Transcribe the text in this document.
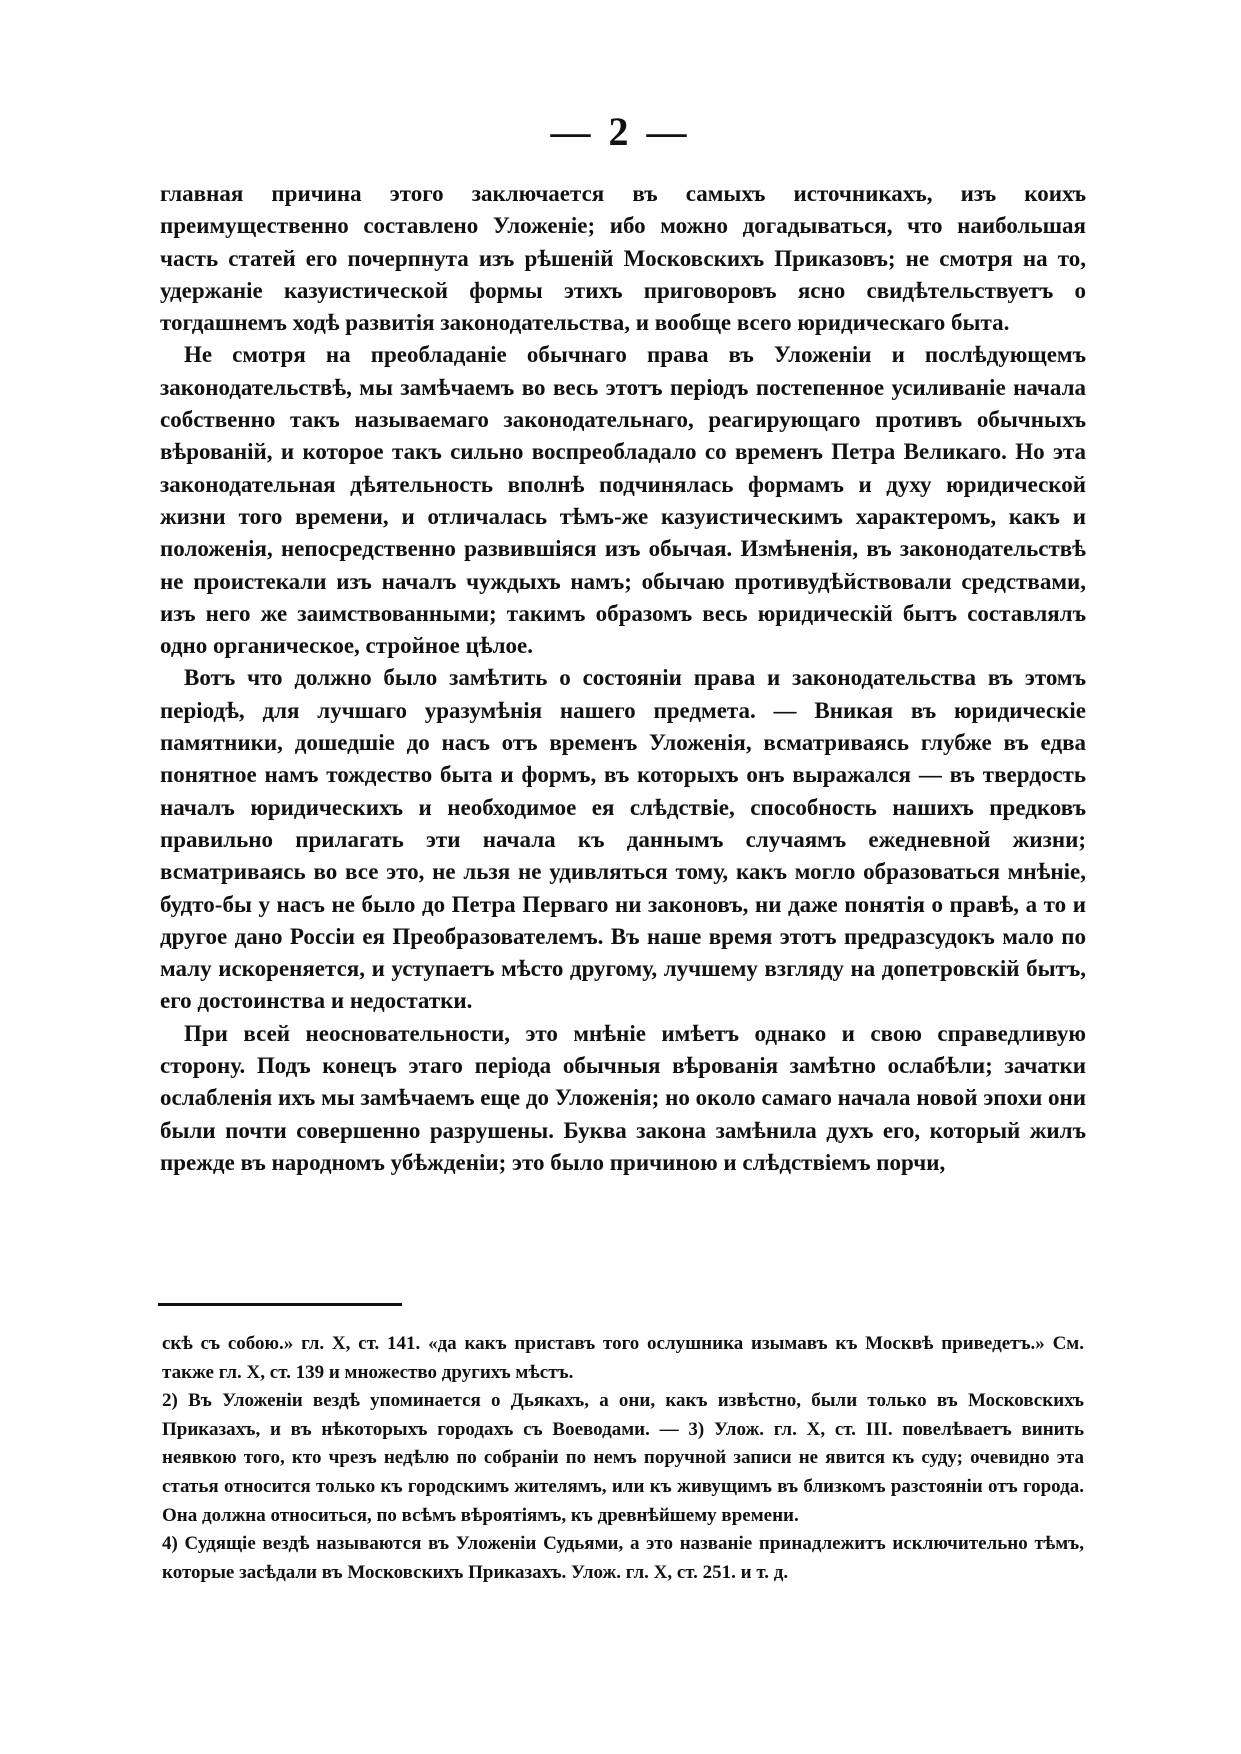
— 2 —

главная причина этого заключается въ самыхъ источникахъ, изъ коихъ преимущественно составлено Уложеніе; ибо можно догадываться, что наибольшая часть статей его почерпнута изъ рѣшеній Московскихъ Приказовъ; не смотря на то, удержаніе казуистической формы этихъ приговоровъ ясно свидѣтельствуетъ о тогдашнемъ ходѣ развитія законодательства, и вообще всего юридическаго быта.

Не смотря на преобладаніе обычнаго права въ Уложеніи и послѣдующемъ законодательствѣ, мы замѣчаемъ во весь этотъ періодъ постепенное усиливаніе начала собственно такъ называемаго законодательнаго, реагирующаго противъ обычныхъ вѣрованій, и которое такъ сильно воспреобладало со временъ Петра Великаго. Но эта законодательная дѣятельность вполнѣ подчинялась формамъ и духу юридической жизни того времени, и отличалась тѣмъ-же казуистическимъ характеромъ, какъ и положенія, непосредственно развившіяся изъ обычая. Измѣненія, въ законодательствѣ не проистекали изъ началъ чуждыхъ намъ; обычаю противудѣйствовали средствами, изъ него же заимствованными; такимъ образомъ весь юридическій бытъ составлялъ одно органическое, стройное цѣлое.

Вотъ что должно было замѣтить о состояніи права и законодательства въ этомъ періодѣ, для лучшаго уразумѣнія нашего предмета. — Вникая въ юридическіе памятники, дошедшіе до насъ отъ временъ Уложенія, всматриваясь глубже въ едва понятное намъ тождество быта и формъ, въ которыхъ онъ выражался — въ твердость началъ юридическихъ и необходимое ея слѣдствіе, способность нашихъ предковъ правильно прилагать эти начала къ даннымъ случаямъ ежедневной жизни; всматриваясь во все это, не льзя не удивляться тому, какъ могло образоваться мнѣніе, будто-бы у насъ не было до Петра Перваго ни законовъ, ни даже понятія о правѣ, а то и другое дано Россіи ея Преобразователемъ. Въ наше время этотъ предразсудокъ мало по малу искореняется, и уступаетъ мѣсто другому, лучшему взгляду на допетровскій бытъ, его достоинства и недостатки.

При всей неосновательности, это мнѣніе имѣетъ однако и свою справедливую сторону. Подъ конецъ этаго періода обычныя вѣрованія замѣтно ослабѣли; зачатки ослабленія ихъ мы замѣчаемъ еще до Уложенія; но около самаго начала новой эпохи они были почти совершенно разрушены. Буква закона замѣнила духъ его, который жилъ прежде въ народномъ убѣжденіи; это было причиною и слѣдствіемъ порчи,

скѣ съ собою.» гл. X, ст. 141. «да какъ приставъ того ослушника изымавъ къ Москвѣ приведетъ.» См. также гл. X, ст. 139 и множество другихъ мѣстъ.

2) Въ Уложеніи вездѣ упоминается о Дьякахъ, а они, какъ извѣстно, были только въ Московскихъ Приказахъ, и въ нѣкоторыхъ городахъ съ Воеводами. — 3) Улож. гл. X, ст. III. повелѣваетъ винить неявкою того, кто чрезъ недѣлю по собраніи по немъ поручной записи не явится къ суду; очевидно эта статья относится только къ городскимъ жителямъ, или къ живущимъ въ близкомъ разстояніи отъ города. Она должна относиться, по всѣмъ вѣроятіямъ, къ древнѣйшему времени.

4) Судящіе вездѣ называются въ Уложеніи Судьями, а это названіе принадлежитъ исключительно тѣмъ, которые засѣдали въ Московскихъ Приказахъ. Улож. гл. X, ст. 251. и т. д.
